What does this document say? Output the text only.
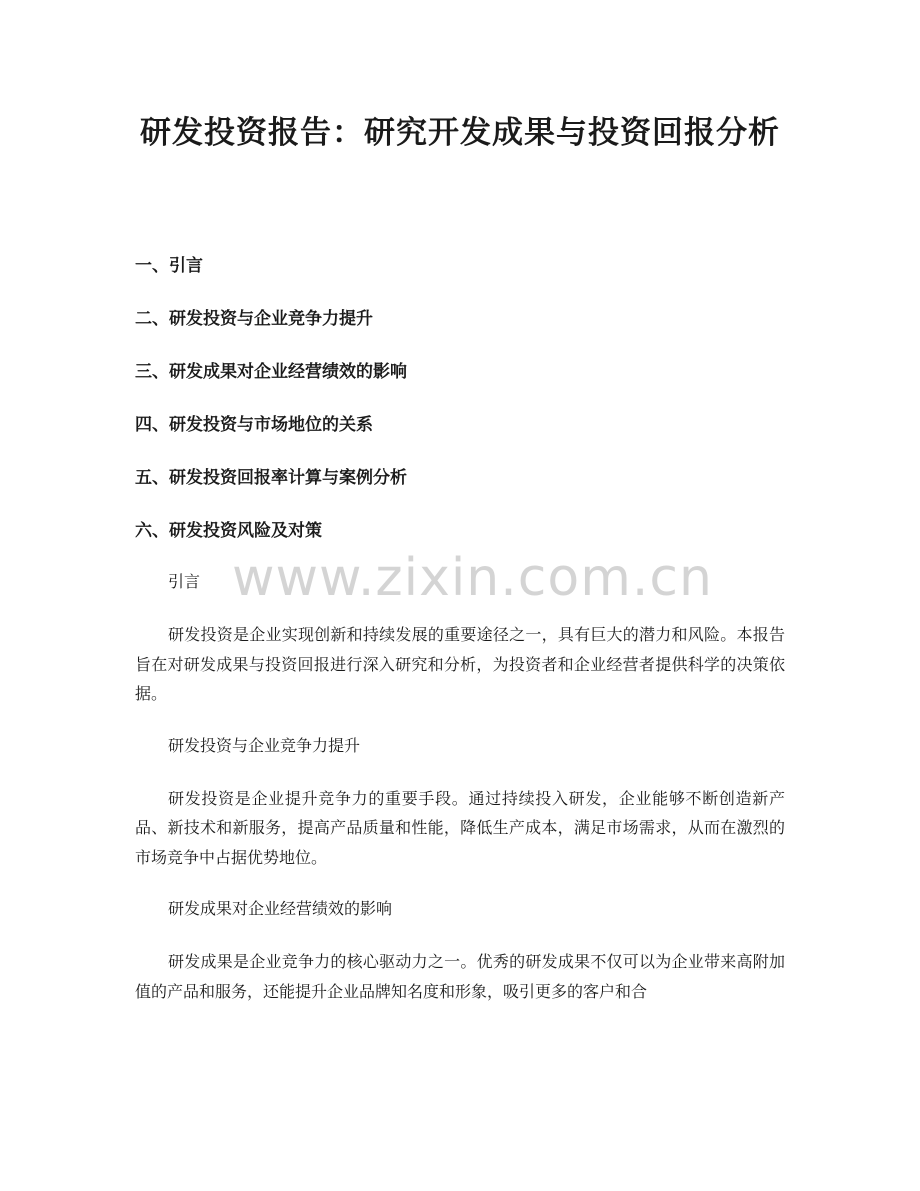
研发投资报告：研究开发成果与投资回报分析
一、引言
二、研发投资与企业竞争力提升
三、研发成果对企业经营绩效的影响
四、研发投资与市场地位的关系
五、研发投资回报率计算与案例分析
六、研发投资风险及对策
引言
研发投资是企业实现创新和持续发展的重要途径之一，具有巨大的潜力和风险。本报告旨在对研发成果与投资回报进行深入研究和分析，为投资者和企业经营者提供科学的决策依据。
研发投资与企业竞争力提升
研发投资是企业提升竞争力的重要手段。通过持续投入研发，企业能够不断创造新产品、新技术和新服务，提高产品质量和性能，降低生产成本，满足市场需求，从而在激烈的市场竞争中占据优势地位。
研发成果对企业经营绩效的影响
研发成果是企业竞争力的核心驱动力之一。优秀的研发成果不仅可以为企业带来高附加值的产品和服务，还能提升企业品牌知名度和形象，吸引更多的客户和合
www.zixin.com.cn
